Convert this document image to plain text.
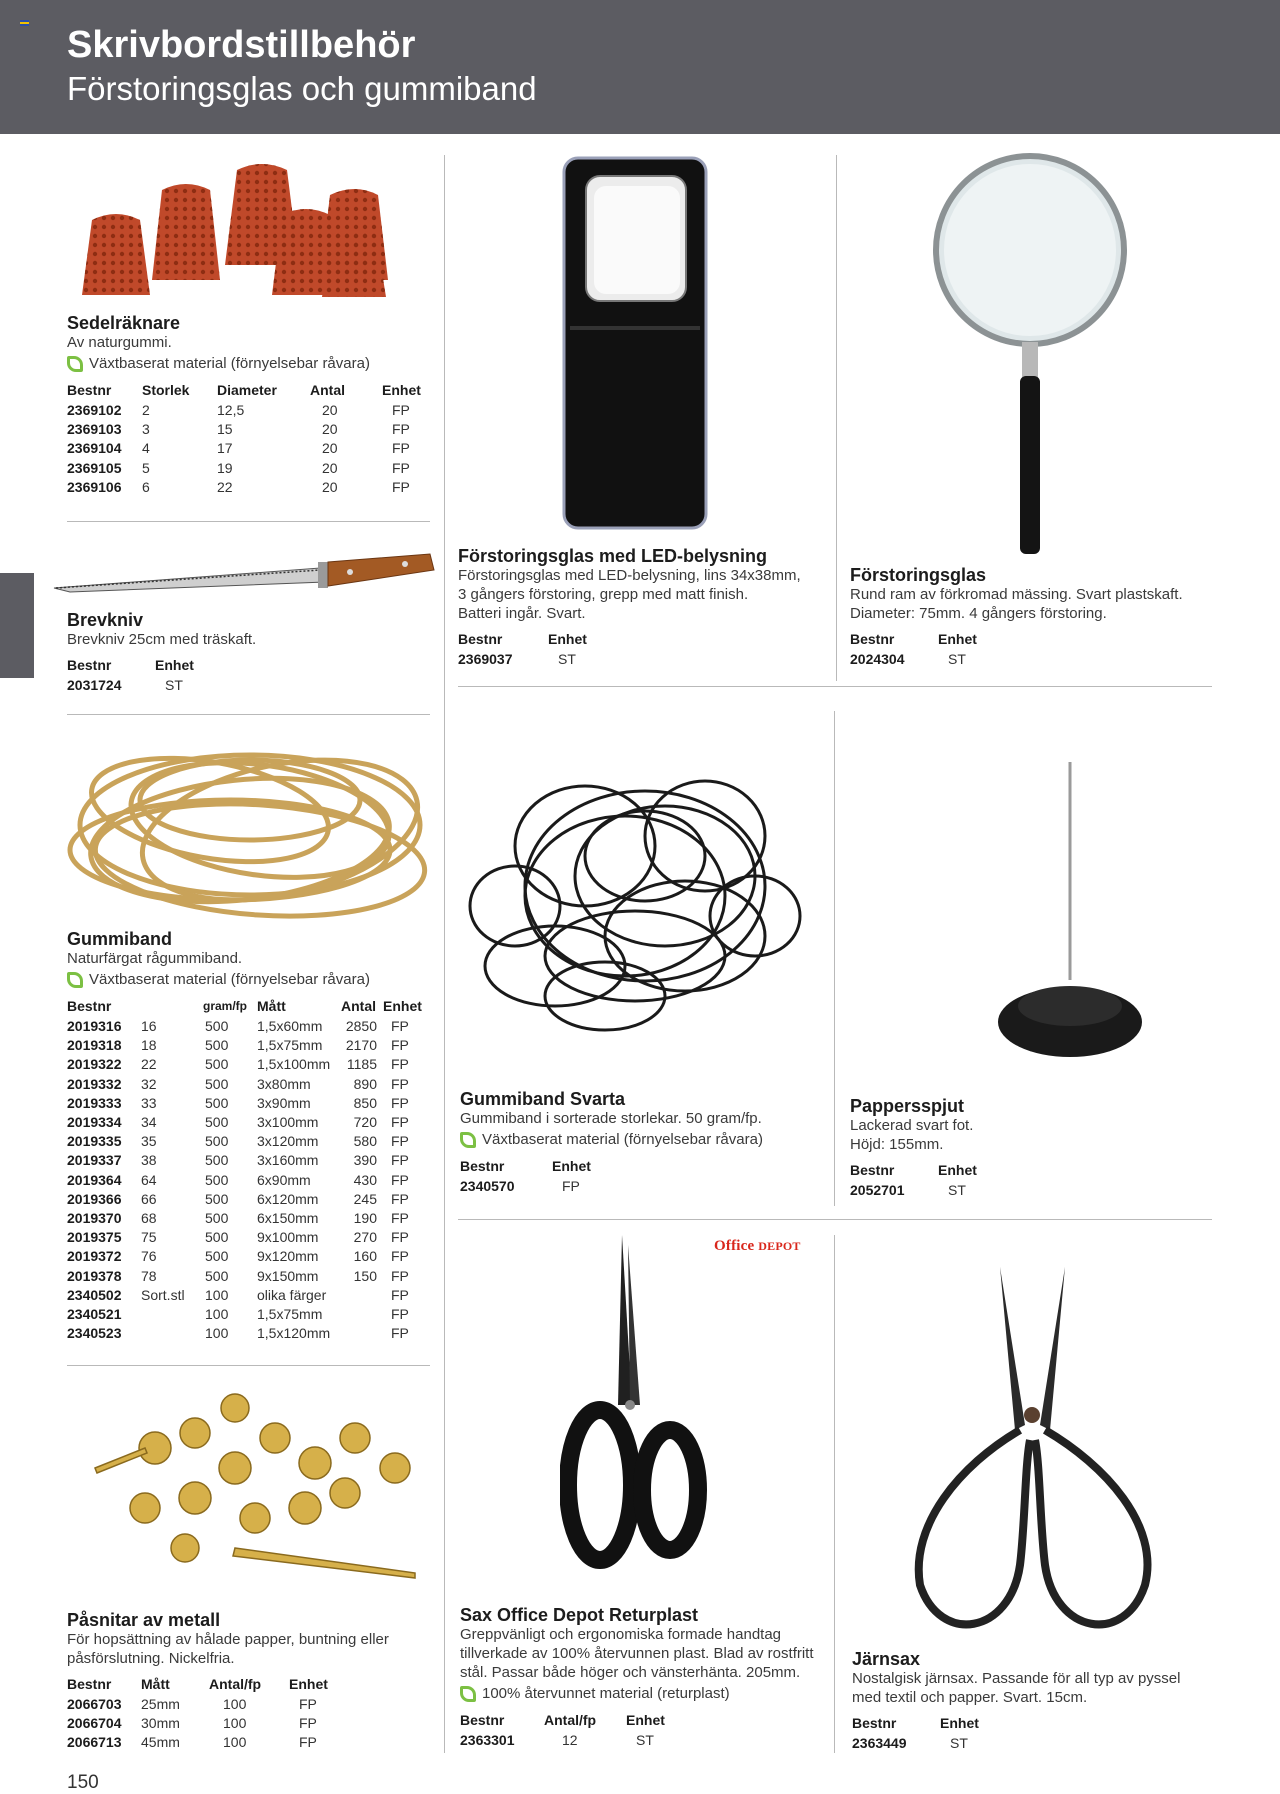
Skrivbordstillbehör
Förstoringsglas och gummiband
Office DEPOT
Sedelräknare
Av naturgummi.
Växtbaserat material (förnyelsebar råvara)
Bestnr	Storlek	Diameter	Antal	Enhet
2369102	2	12,5	20	FP
2369103	3	15	20	FP
2369104	4	17	20	FP
2369105	5	19	20	FP
2369106	6	22	20	FP
Brevkniv
Brevkniv 25cm med träskaft.
Bestnr	Enhet
2031724	ST
Förstoringsglas med LED-belysning
Förstoringsglas med LED-belysning, lins 34x38mm,
3 gångers förstoring, grepp med matt finish.
Batteri ingår. Svart.
Bestnr	Enhet
2369037	ST
Förstoringsglas
Rund ram av förkromad mässing. Svart plastskaft.
Diameter: 75mm. 4 gångers förstoring.
Bestnr	Enhet
2024304	ST
Gummiband
Naturfärgat rågummiband.
Växtbaserat material (förnyelsebar råvara)
Bestnr		gram/fp	Mått	Antal	Enhet
2019316	16	500	1,5x60mm	2850	FP
2019318	18	500	1,5x75mm	2170	FP
2019322	22	500	1,5x100mm	1185	FP
2019332	32	500	3x80mm	890	FP
2019333	33	500	3x90mm	850	FP
2019334	34	500	3x100mm	720	FP
2019335	35	500	3x120mm	580	FP
2019337	38	500	3x160mm	390	FP
2019364	64	500	6x90mm	430	FP
2019366	66	500	6x120mm	245	FP
2019370	68	500	6x150mm	190	FP
2019375	75	500	9x100mm	270	FP
2019372	76	500	9x120mm	160	FP
2019378	78	500	9x150mm	150	FP
2340502	Sort.stl	100	olika färger		FP
2340521		100	1,5x75mm		FP
2340523		100	1,5x120mm		FP
Gummiband Svarta
Gummiband i sorterade storlekar. 50 gram/fp.
Växtbaserat material (förnyelsebar råvara)
Bestnr	Enhet
2340570	FP
Pappersspjut
Lackerad svart fot.
Höjd: 155mm.
Bestnr	Enhet
2052701	ST
Påsnitar av metall
För hopsättning av hålade papper, buntning eller
påsförslutning. Nickelfria.
Bestnr	Mått	Antal/fp	Enhet
2066703	25mm	100	FP
2066704	30mm	100	FP
2066713	45mm	100	FP
Sax Office Depot Returplast
Greppvänligt och ergonomiska formade handtag
tillverkade av 100% återvunnen plast. Blad av rostfritt
stål. Passar både höger och vänsterhänta. 205mm.
100% återvunnet material (returplast)
Bestnr	Antal/fp	Enhet
2363301	12	ST
Järnsax
Nostalgisk järnsax. Passande för all typ av pyssel
med textil och papper. Svart. 15cm.
Bestnr	Enhet
2363449	ST
150
